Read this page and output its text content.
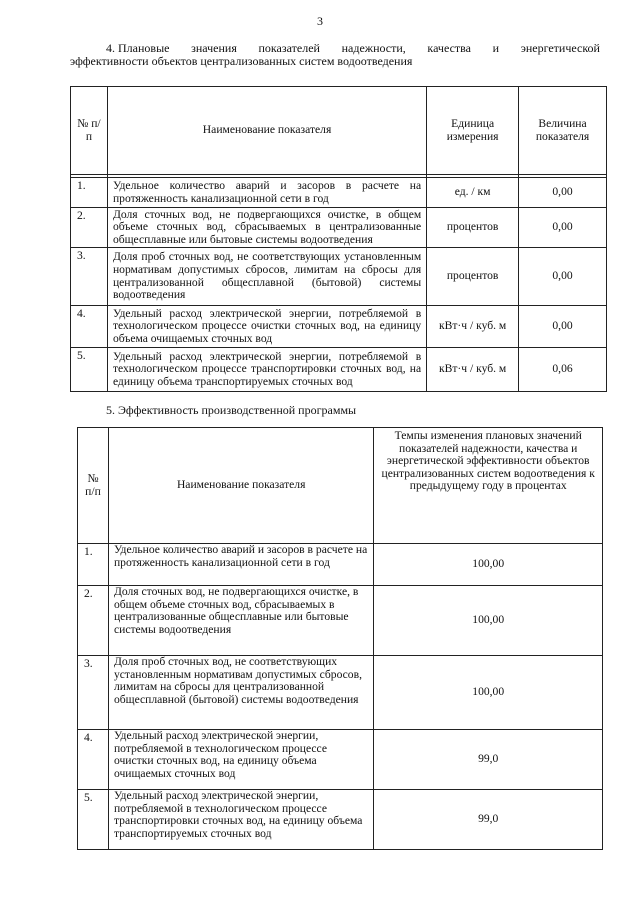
3
4. Плановые значения показателей надежности, качества и энергетической
эффективности объектов централизованных систем водоотведения
№ п/п	Наименование показателя	Единица измерения	Величина показателя

1.	Удельное количество аварий и засоров в расчете на протяженность канализационной сети в год	ед. / км	0,00
2.	Доля сточных вод, не подвергающихся очистке, в общем объеме сточных вод, сбрасываемых в централизованные общесплавные или бытовые системы водоотведения	процентов	0,00
3.	Доля проб сточных вод, не соответствующих установленным нормативам допустимых сбросов, лимитам на сбросы для централизованной общесплавной (бытовой) системы водоотведения	процентов	0,00
4.	Удельный расход электрической энергии, потребляемой в технологическом процессе очистки сточных вод, на единицу объема очищаемых сточных вод	кВт·ч / куб. м	0,00
5.	Удельный расход электрической энергии, потребляемой в технологическом процессе транспортировки сточных вод, на единицу объема транспортируемых сточных вод	кВт·ч / куб. м	0,06
5. Эффективность производственной программы
№ п/п	Наименование показателя	Темпы изменения плановых значений показателей надежности, качества и энергетической эффективности объектов централизованных систем водоотведения к предыдущему году в процентах
1.	Удельное количество аварий и засоров в расчете на протяженность канализационной сети в год	100,00
2.	Доля сточных вод, не подвергающихся очистке, в общем объеме сточных вод, сбрасываемых в централизованные общесплавные или бытовые системы водоотведения	100,00
3.	Доля проб сточных вод, не соответствующих установленным нормативам допустимых сбросов, лимитам на сбросы для централизованной общесплавной (бытовой) системы водоотведения	100,00
4.	Удельный расход электрической энергии, потребляемой в технологическом процессе очистки сточных вод, на единицу объема очищаемых сточных вод	99,0
5.	Удельный расход электрической энергии, потребляемой в технологическом процессе транспортировки сточных вод, на единицу объема транспортируемых сточных вод	99,0
